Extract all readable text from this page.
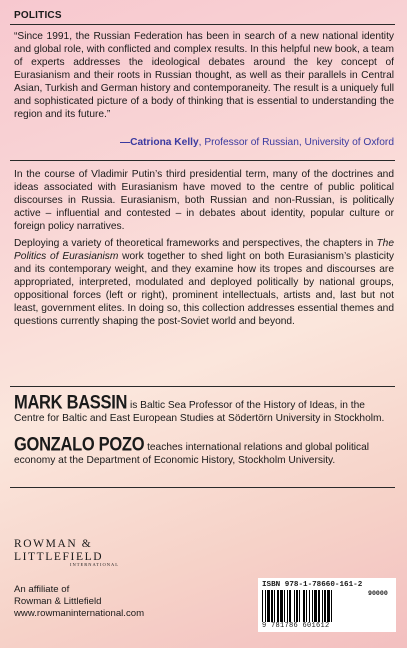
POLITICS
“Since 1991, the Russian Federation has been in search of a new national identity and global role, with conflicted and complex results. In this helpful new book, a team of experts addresses the ideological debates around the key concept of Eurasianism and their roots in Russian thought, as well as their parallels in Central Asian, Turkish and German history and contemporaneity. The result is a uniquely full and sophisticated picture of a body of thinking that is essential to understanding the region and its future.”
—Catriona Kelly, Professor of Russian, University of Oxford
In the course of Vladimir Putin’s third presidential term, many of the doctrines and ideas associated with Eurasianism have moved to the centre of public political discourses in Russia. Eurasianism, both Russian and non-Russian, is politically active – influential and contested – in debates about identity, popular culture or foreign policy narratives.
Deploying a variety of theoretical frameworks and perspectives, the chapters in The Politics of Eurasianism work together to shed light on both Eurasianism’s plasticity and its contemporary weight, and they examine how its tropes and discourses are appropriated, interpreted, modulated and deployed politically by national groups, oppositional forces (left or right), prominent intellectuals, artists and, last but not least, government elites. In doing so, this collection addresses essential themes and questions currently shaping the post-Soviet world and beyond.
MARK BASSIN is Baltic Sea Professor of the History of Ideas, in the Centre for Baltic and East European Studies at Södertörn University in Stockholm.
GONZALO POZO teaches international relations and global political economy at the Department of Economic History, Stockholm University.
ROWMAN &
LITTLEFIELD
INTERNATIONAL
An affiliate of
Rowman & Littlefield
www.rowmaninternational.com
ISBN 978-1-78660-161-2
9 781786 601612
90000
